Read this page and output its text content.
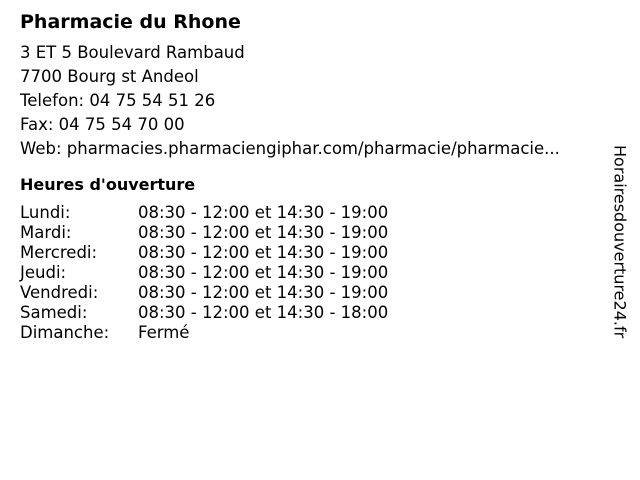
Pharmacie du Rhone
3 ET 5 Boulevard Rambaud
7700 Bourg st Andeol
Telefon: 04 75 54 51 26
Fax: 04 75 54 70 00
Web: pharmacies.pharmaciengiphar.com/pharmacie/pharmacie...
Heures d'ouverture
Lundi:	08:30 - 12:00 et 14:30 - 19:00
Mardi:	08:30 - 12:00 et 14:30 - 19:00
Mercredi:	08:30 - 12:00 et 14:30 - 19:00
Jeudi:	08:30 - 12:00 et 14:30 - 19:00
Vendredi:	08:30 - 12:00 et 14:30 - 19:00
Samedi:	08:30 - 12:00 et 14:30 - 18:00
Dimanche:	Fermé	Horairesdouverture24.fr
